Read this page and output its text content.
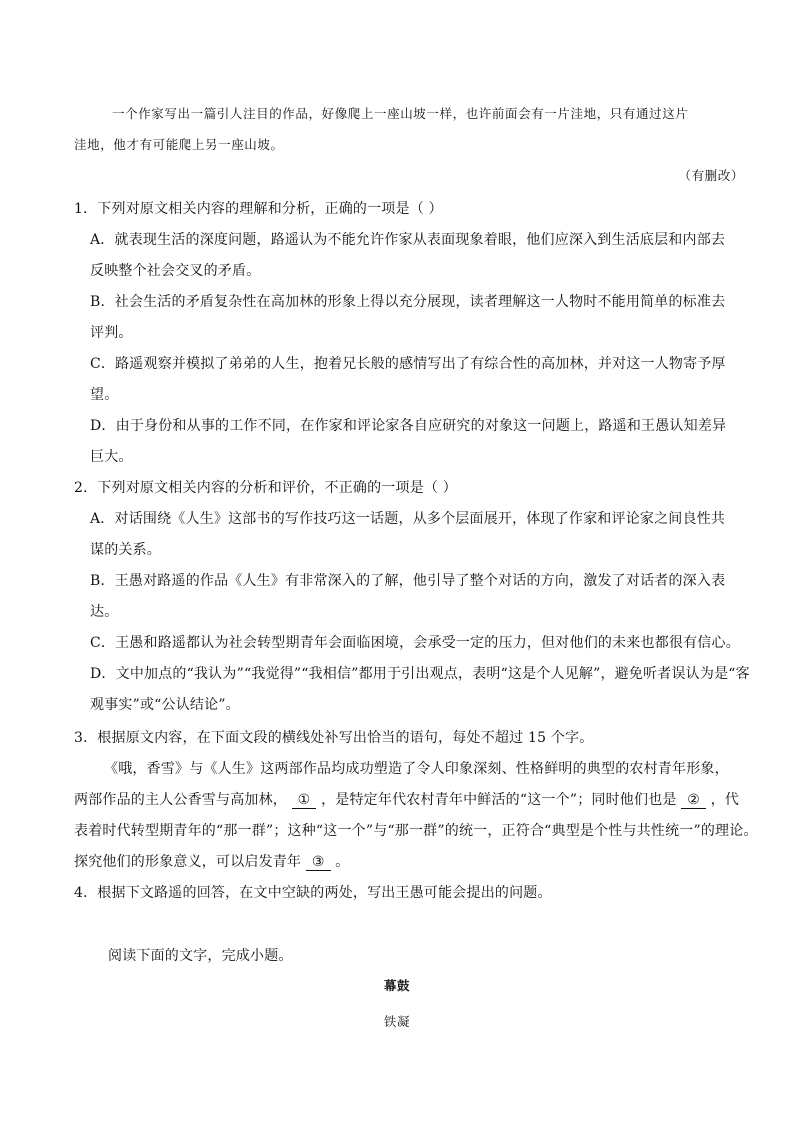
一个作家写出一篇引人注目的作品，好像爬上一座山坡一样，也许前面会有一片洼地，只有通过这片
洼地，他才有可能爬上另一座山坡。
（有删改）
1．下列对原文相关内容的理解和分析，正确的一项是（ ）
A．就表现生活的深度问题，路遥认为不能允许作家从表面现象着眼，他们应深入到生活底层和内部去
反映整个社会交叉的矛盾。
B．社会生活的矛盾复杂性在高加林的形象上得以充分展现，读者理解这一人物时不能用简单的标准去
评判。
C．路遥观察并模拟了弟弟的人生，抱着兄长般的感情写出了有综合性的高加林，并对这一人物寄予厚
望。
D．由于身份和从事的工作不同，在作家和评论家各自应研究的对象这一问题上，路遥和王愚认知差异
巨大。
2．下列对原文相关内容的分析和评价，不正确的一项是（ ）
A．对话围绕《人生》这部书的写作技巧这一话题，从多个层面展开，体现了作家和评论家之间良性共
谋的关系。
B．王愚对路遥的作品《人生》有非常深入的了解，他引导了整个对话的方向，激发了对话者的深入表
达。
C．王愚和路遥都认为社会转型期青年会面临困境，会承受一定的压力，但对他们的未来也都很有信心。
D．文中加点的“我认为”“我觉得”“我相信”都用于引出观点，表明“这是个人见解”，避免听者误认为是“客
观事实”或“公认结论”。
3．根据原文内容，在下面文段的横线处补写出恰当的语句，每处不超过 15 个字。
《哦，香雪》与《人生》这两部作品均成功塑造了令人印象深刻、性格鲜明的典型的农村青年形象，
两部作品的主人公香雪与高加林， ① ，是特定年代农村青年中鲜活的“这一个”；同时他们也是 ② ，代
表着时代转型期青年的“那一群”；这种“这一个”与“那一群”的统一，正符合“典型是个性与共性统一”的理论。
探究他们的形象意义，可以启发青年 ③ 。
4．根据下文路遥的回答，在文中空缺的两处，写出王愚可能会提出的问题。
阅读下面的文字，完成小题。
幕鼓
铁凝
